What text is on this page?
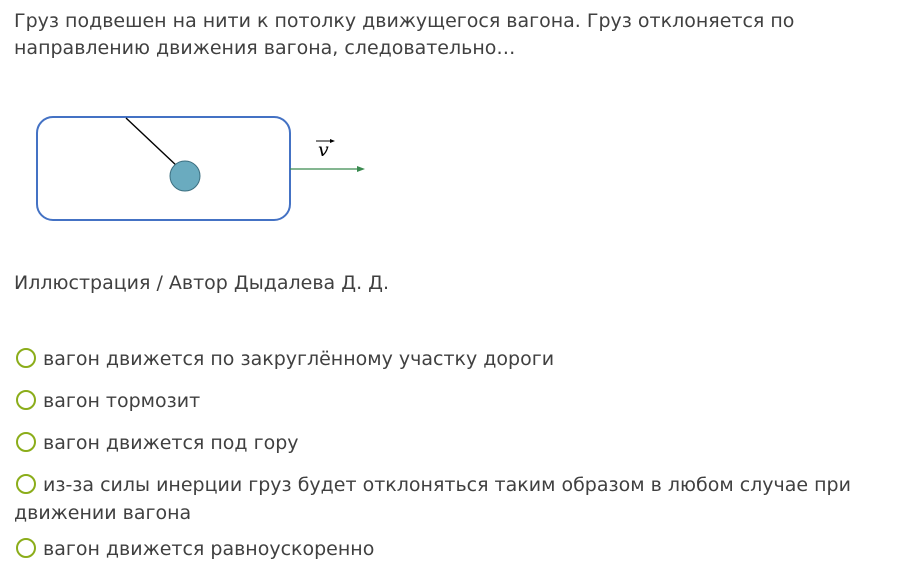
Груз подвешен на нити к потолку движущегося вагона. Груз отклоняется по направлению движения вагона, следовательно…

v
Иллюстрация / Автор Дыдалева Д. Д.
вагон движется по закруглённому участку дороги
вагон тормозит
вагон движется под гору
из-за силы инерции груз будет отклоняться таким образом в любом случае при движении вагона
вагон движется равноускоренно
